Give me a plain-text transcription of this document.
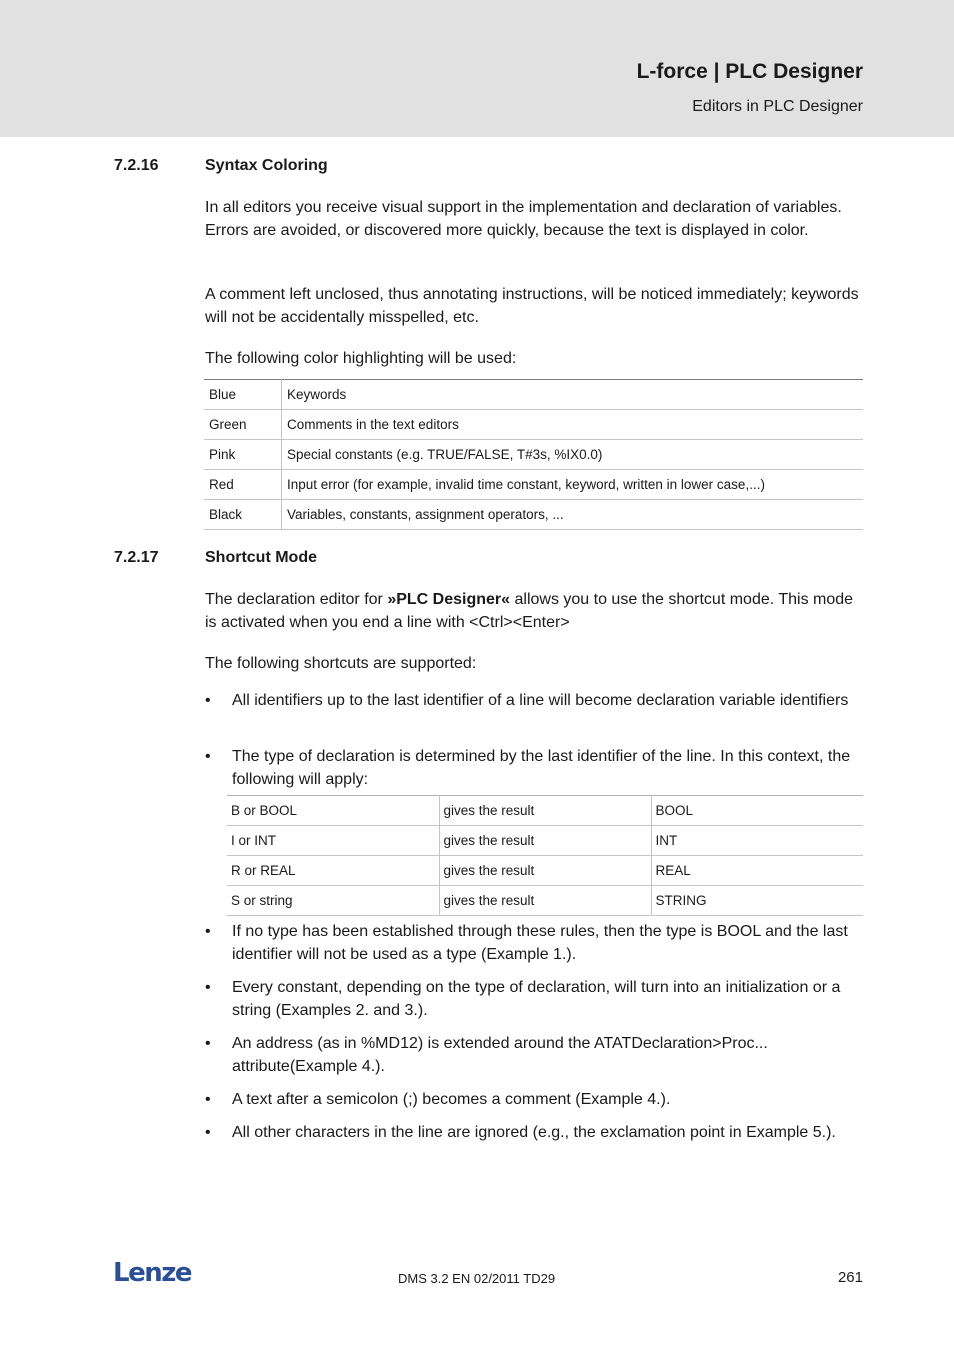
L-force | PLC Designer
Editors in PLC Designer
7.2.16	Syntax Coloring

In all editors you receive visual support in the implementation and declaration of variables. Errors are avoided, or discovered more quickly, because the text is displayed in color.

A comment left unclosed, thus annotating instructions, will be noticed immediately; keywords will not be accidentally misspelled, etc.

The following color highlighting will be used:

Blue	Keywords
Green	Comments in the text editors
Pink	Special constants (e.g. TRUE/FALSE, T#3s, %IX0.0)
Red	Input error (for example, invalid time constant, keyword, written in lower case,...)
Black	Variables, constants, assignment operators, ...
7.2.17	Shortcut Mode

The declaration editor for »PLC Designer« allows you to use the shortcut mode. This mode is activated when you end a line with <Ctrl><Enter>

The following shortcuts are supported:

•	All identifiers up to the last identifier of a line will become declaration variable identifiers
•	The type of declaration is determined by the last identifier of the line. In this context, the following will apply:
B or BOOL	gives the result	BOOL
I or INT	gives the result	INT
R or REAL	gives the result	REAL
S or string	gives the result	STRING
•	If no type has been established through these rules, then the type is BOOL and the last identifier will not be used as a type (Example 1.).
•	Every constant, depending on the type of declaration, will turn into an initialization or a string (Examples 2. and 3.).
•	An address (as in %MD12) is extended around the ATATDeclaration>Proc... attribute(Example 4.).
•	A text after a semicolon (;) becomes a comment (Example 4.).
•	All other characters in the line are ignored (e.g., the exclamation point in Example 5.).
Lenze	DMS 3.2 EN 02/2011 TD29	261
